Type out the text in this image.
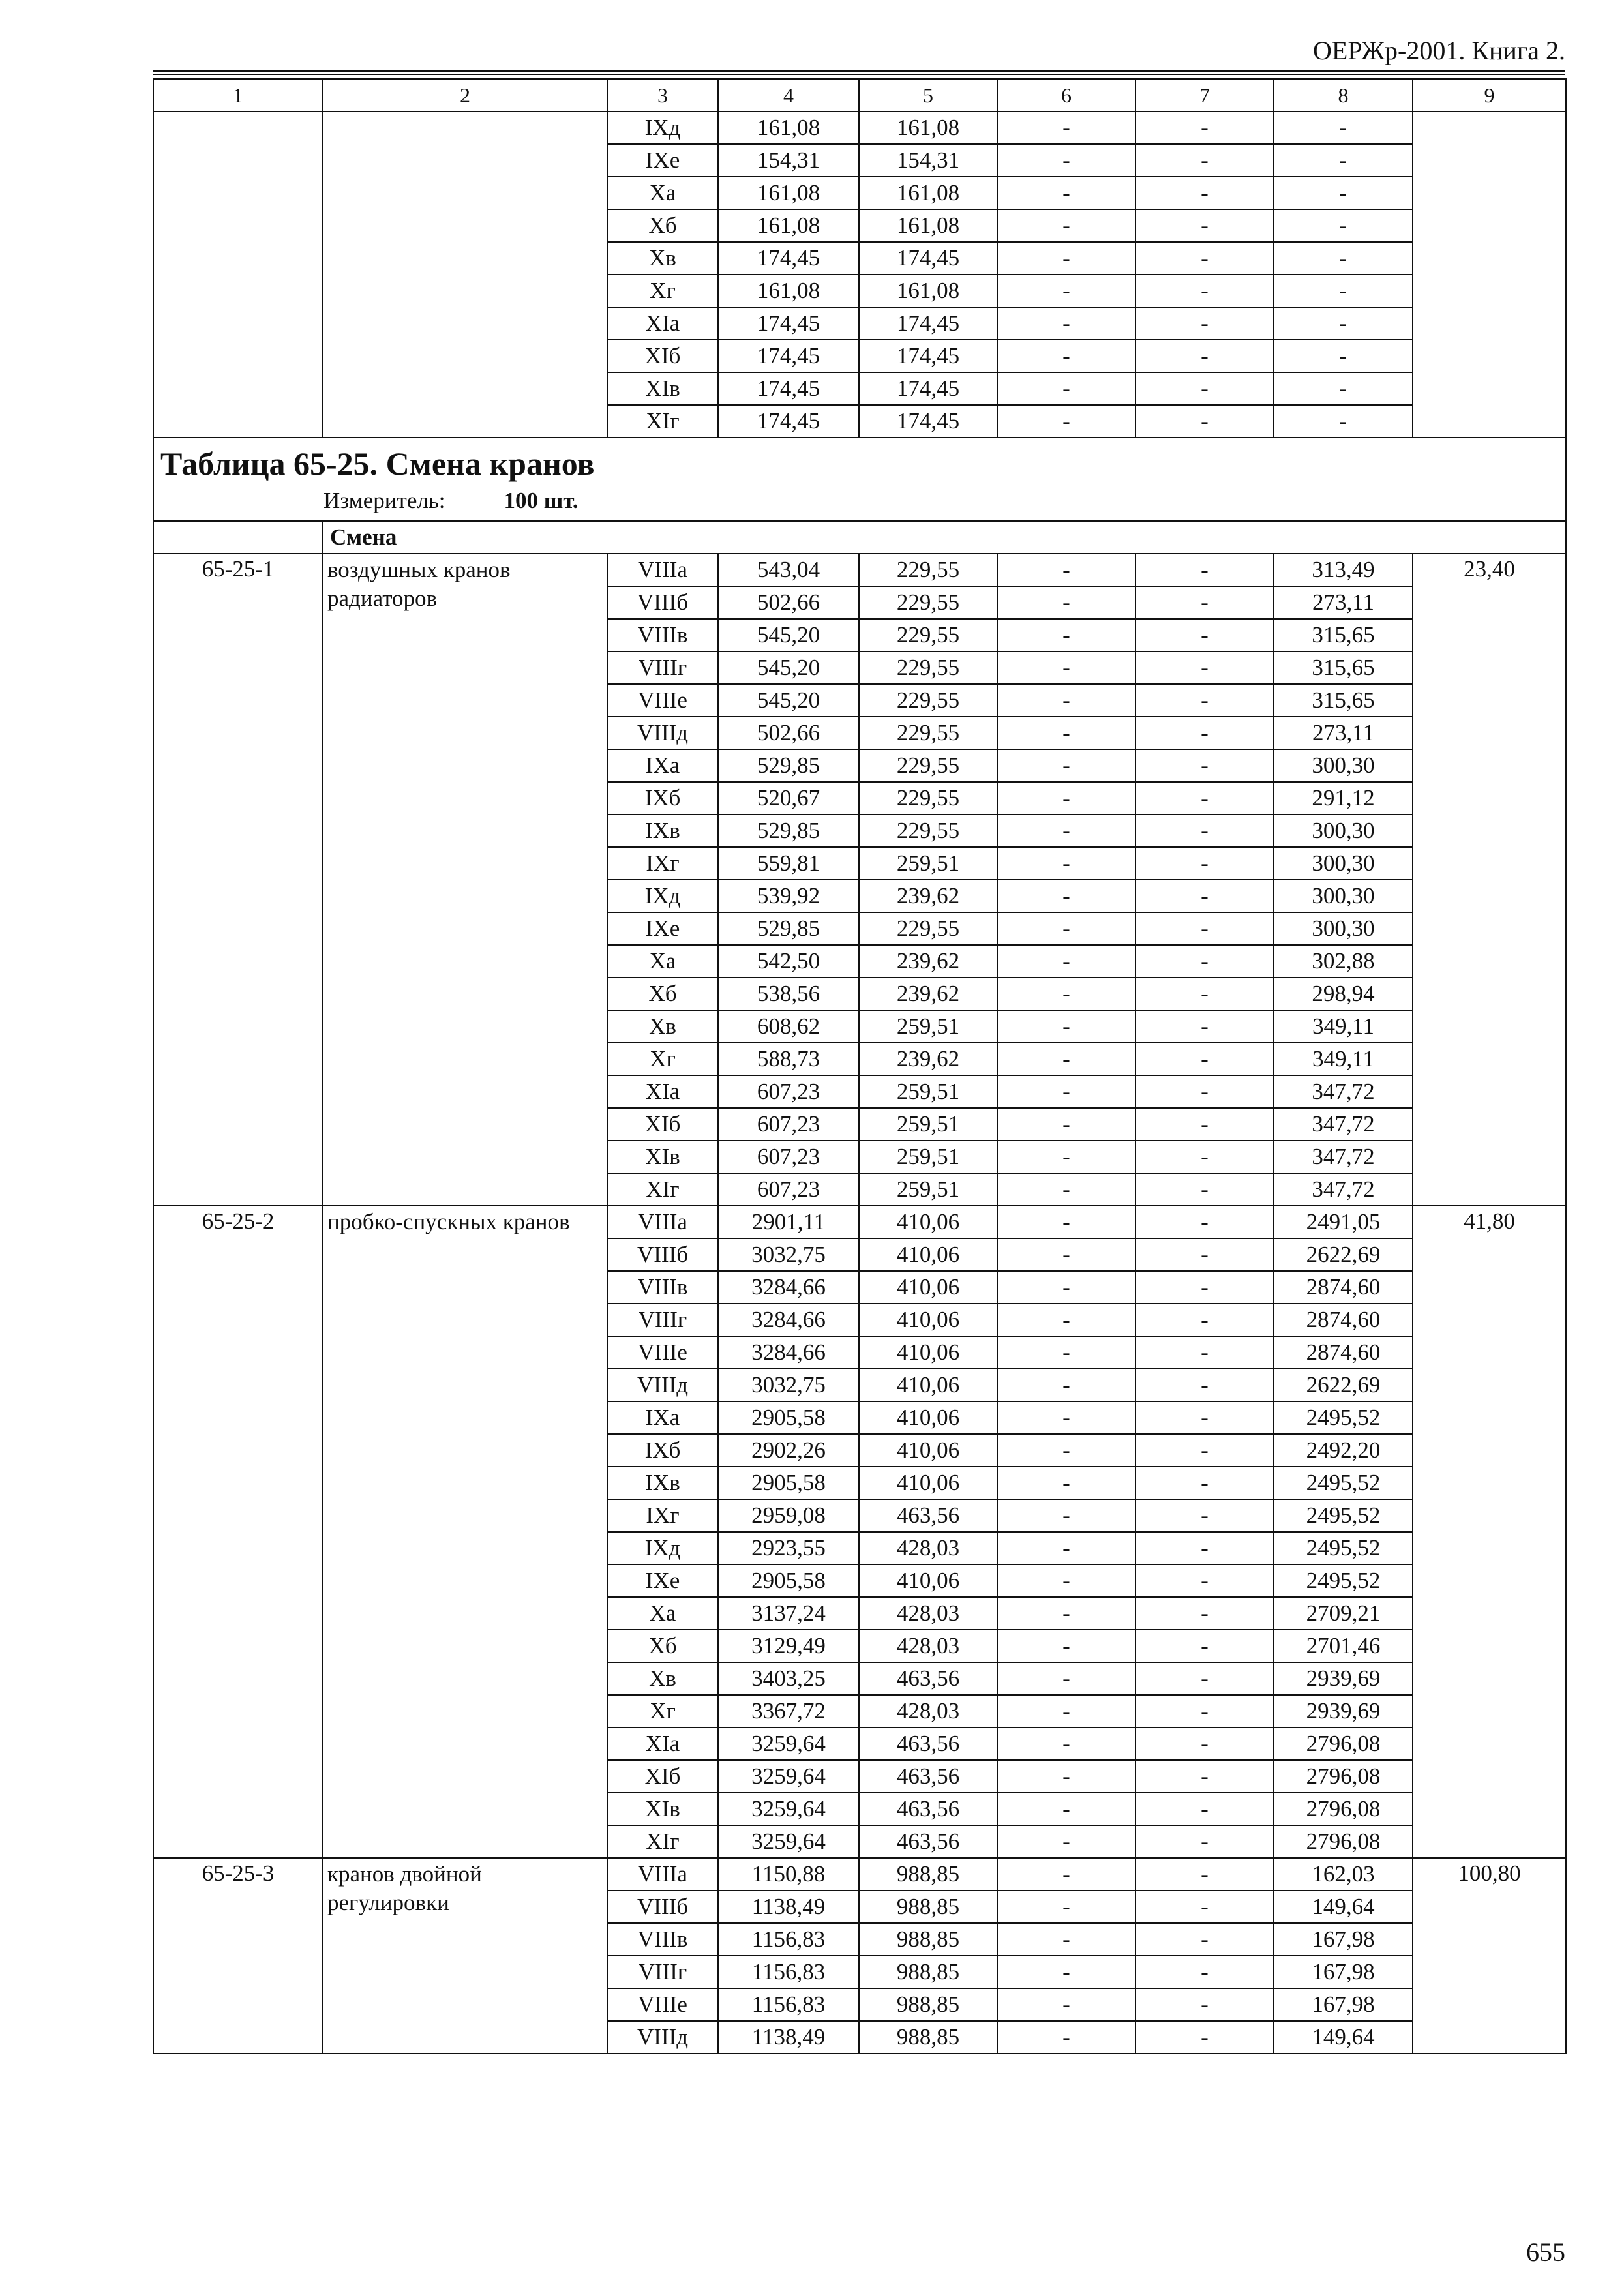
ОЕРЖр-2001. Книга 2.
1	2	3	4	5	6	7	8	9
		IXд	161,08	161,08	-	-	-	
		IXе	154,31	154,31	-	-	-	
		Xа	161,08	161,08	-	-	-	
		Xб	161,08	161,08	-	-	-	
		Xв	174,45	174,45	-	-	-	
		Xг	161,08	161,08	-	-	-	
		XIа	174,45	174,45	-	-	-	
		XIб	174,45	174,45	-	-	-	
		XIв	174,45	174,45	-	-	-	
		XIг	174,45	174,45	-	-	-	

Таблица 65-25. Смена кранов
Измеритель: 100 шт.								

	Смена							
65-25-1	воздушных кранов радиаторов	VIIIа	543,04	229,55	-	-	313,49	23,40
		VIIIб	502,66	229,55	-	-	273,11	
		VIIIв	545,20	229,55	-	-	315,65	
		VIIIг	545,20	229,55	-	-	315,65	
		VIIIе	545,20	229,55	-	-	315,65	
		VIIIд	502,66	229,55	-	-	273,11	
		IXа	529,85	229,55	-	-	300,30	
		IXб	520,67	229,55	-	-	291,12	
		IXв	529,85	229,55	-	-	300,30	
		IXг	559,81	259,51	-	-	300,30	
		IXд	539,92	239,62	-	-	300,30	
		IXе	529,85	229,55	-	-	300,30	
		Xа	542,50	239,62	-	-	302,88	
		Xб	538,56	239,62	-	-	298,94	
		Xв	608,62	259,51	-	-	349,11	
		Xг	588,73	239,62	-	-	349,11	
		XIа	607,23	259,51	-	-	347,72	
		XIб	607,23	259,51	-	-	347,72	
		XIв	607,23	259,51	-	-	347,72	
		XIг	607,23	259,51	-	-	347,72	
65-25-2	пробко-спускных кранов	VIIIа	2901,11	410,06	-	-	2491,05	41,80
		VIIIб	3032,75	410,06	-	-	2622,69	
		VIIIв	3284,66	410,06	-	-	2874,60	
		VIIIг	3284,66	410,06	-	-	2874,60	
		VIIIе	3284,66	410,06	-	-	2874,60	
		VIIIд	3032,75	410,06	-	-	2622,69	
		IXа	2905,58	410,06	-	-	2495,52	
		IXб	2902,26	410,06	-	-	2492,20	
		IXв	2905,58	410,06	-	-	2495,52	
		IXг	2959,08	463,56	-	-	2495,52	
		IXд	2923,55	428,03	-	-	2495,52	
		IXе	2905,58	410,06	-	-	2495,52	
		Xа	3137,24	428,03	-	-	2709,21	
		Xб	3129,49	428,03	-	-	2701,46	
		Xв	3403,25	463,56	-	-	2939,69	
		Xг	3367,72	428,03	-	-	2939,69	
		XIа	3259,64	463,56	-	-	2796,08	
		XIб	3259,64	463,56	-	-	2796,08	
		XIв	3259,64	463,56	-	-	2796,08	
		XIг	3259,64	463,56	-	-	2796,08	
65-25-3	кранов двойной регулировки	VIIIа	1150,88	988,85	-	-	162,03	100,80
		VIIIб	1138,49	988,85	-	-	149,64	
		VIIIв	1156,83	988,85	-	-	167,98	
		VIIIг	1156,83	988,85	-	-	167,98	
		VIIIе	1156,83	988,85	-	-	167,98	
		VIIIд	1138,49	988,85	-	-	149,64	
655
